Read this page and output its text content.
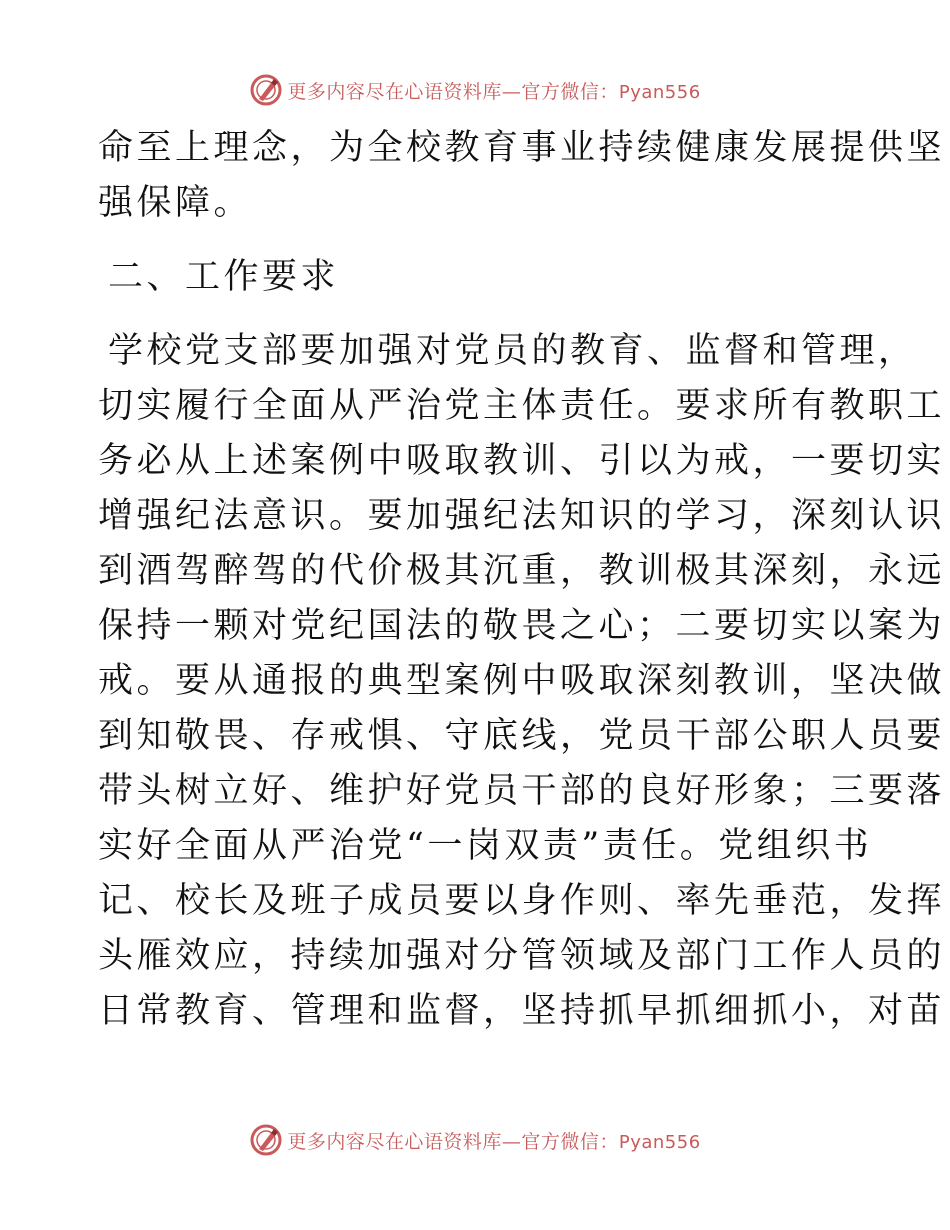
更多内容尽在心语资料库—官方微信：Pyan556
命至上理念，为全校教育事业持续健康发展提供坚
强保障。
二、工作要求
学校党支部要加强对党员的教育、监督和管理，
切实履行全面从严治党主体责任。要求所有教职工
务必从上述案例中吸取教训、引以为戒，一要切实
增强纪法意识。要加强纪法知识的学习，深刻认识
到酒驾醉驾的代价极其沉重，教训极其深刻，永远
保持一颗对党纪国法的敬畏之心；二要切实以案为
戒。要从通报的典型案例中吸取深刻教训，坚决做
到知敬畏、存戒惧、守底线，党员干部公职人员要
带头树立好、维护好党员干部的良好形象；三要落
实好全面从严治党“一岗双责”责任。党组织书
记、校长及班子成员要以身作则、率先垂范，发挥
头雁效应，持续加强对分管领域及部门工作人员的
日常教育、管理和监督，坚持抓早抓细抓小，对苗
更多内容尽在心语资料库—官方微信：Pyan556
